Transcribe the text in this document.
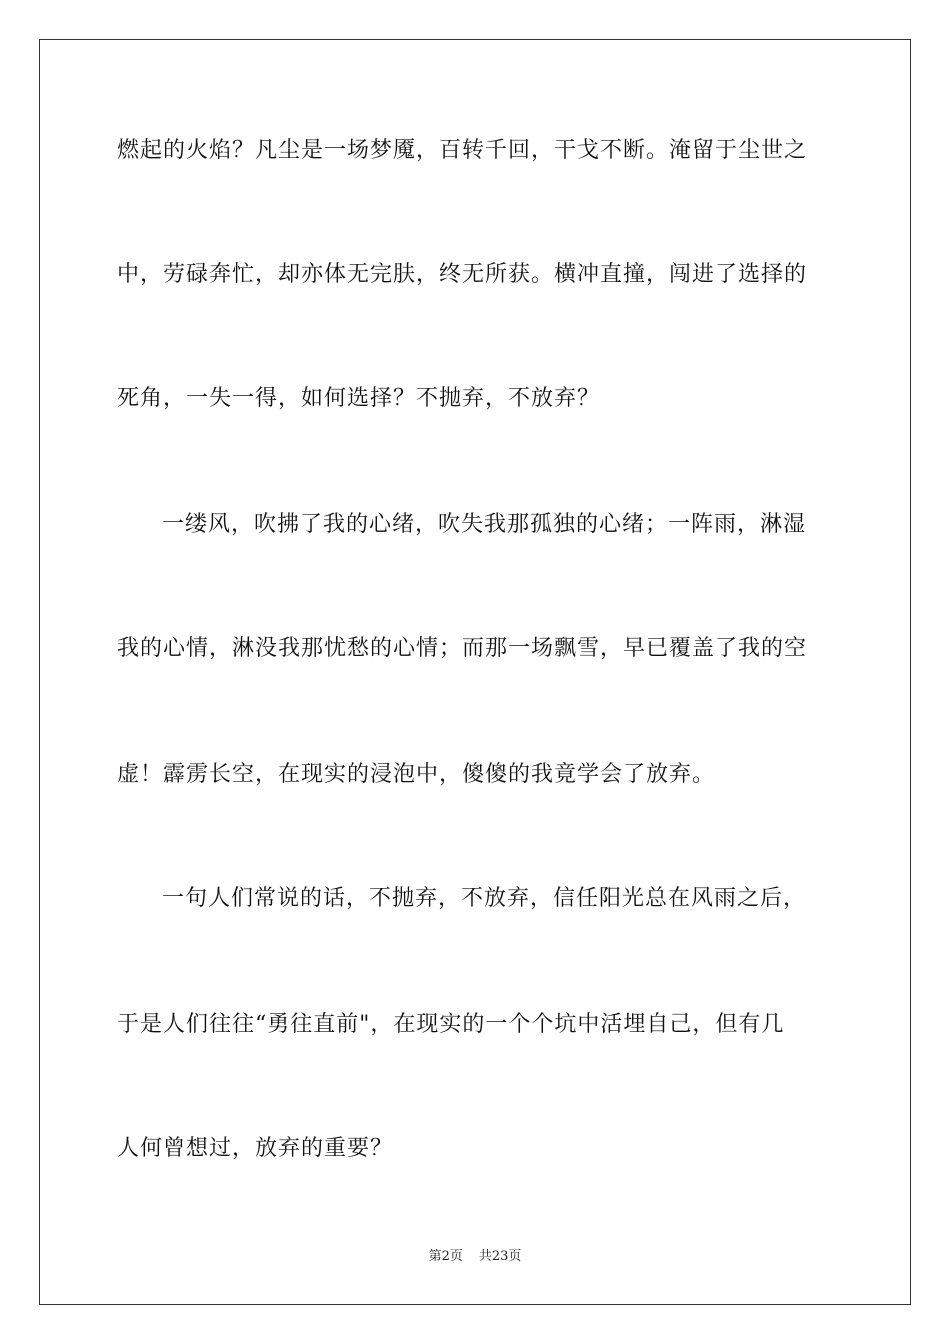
燃起的火焰？凡尘是一场梦魇，百转千回，干戈不断。淹留于尘世之
中，劳碌奔忙，却亦体无完肤，终无所获。横冲直撞，闯进了选择的
死角，一失一得，如何选择？不抛弃，不放弃？
一缕风，吹拂了我的心绪，吹失我那孤独的心绪；一阵雨，淋湿
我的心情，淋没我那忧愁的心情；而那一场飘雪，早已覆盖了我的空
虚！霹雳长空，在现实的浸泡中，傻傻的我竟学会了放弃。
一句人们常说的话，不抛弃，不放弃，信任阳光总在风雨之后，
于是人们往往“勇往直前"，在现实的一个个坑中活埋自己，但有几
人何曾想过，放弃的重要？
第2页 共23页
